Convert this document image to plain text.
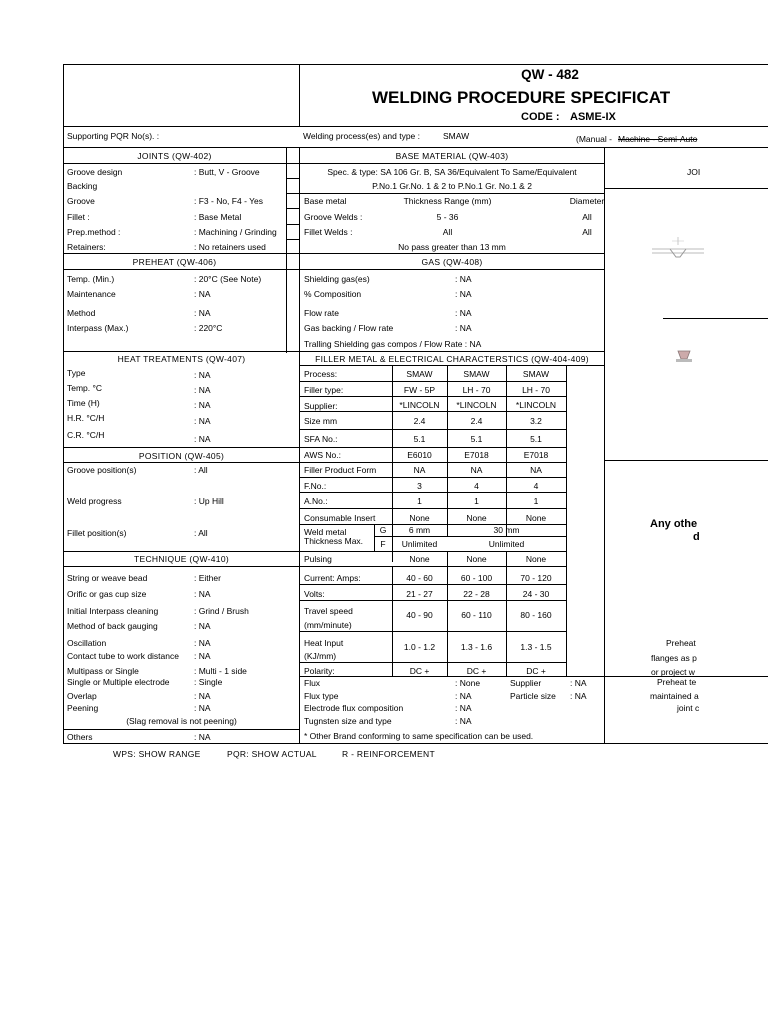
QW - 482
WELDING PROCEDURE SPECIFICAT
CODE : ASME-IX
Supporting PQR No(s). :	Welding process(es) and type :	SMAW	(Manual - Machine - Semi-Auto
JOINTS (QW-402)
Groove design	: Butt, V - Groove
Backing
Groove	: F3 - No, F4 - Yes
Fillet :	: Base Metal
Prep.method :	: Machining / Grinding
Retainers:	: No retainers used
BASE MATERIAL (QW-403)
Spec. & type: SA 106 Gr. B, SA 36/Equivalent To Same/Equivalent
P.No.1 Gr.No. 1 & 2 to P.No.1 Gr. No.1 & 2
Base metal	Thickness Range (mm)	Diameter
Groove Welds :	5 - 36	All
Fillet Welds :	All	All
No pass greater than 13 mm
PREHEAT (QW-406)
Temp. (Min.)	: 20°C (See Note)
Maintenance	: NA
Method	: NA
Interpass (Max.)	: 220°C
GAS (QW-408)
Shielding gas(es)	: NA
% Composition	: NA
Flow rate	: NA
Gas backing / Flow rate	: NA
Tralling Shielding gas compos / Flow Rate : NA
HEAT TREATMENTS (QW-407)
Type	: NA
Temp. °C	: NA
Time (H)	: NA
H.R. °C/H	: NA
C.R. °C/H	: NA
FILLER METAL & ELECTRICAL CHARACTERSTICS (QW-404-409)
Process:	SMAW	SMAW	SMAW
Filler type:	FW - 5P	LH - 70	LH - 70
Supplier:	*LINCOLN	*LINCOLN	*LINCOLN
Size mm	2.4	2.4	3.2
SFA No.:	5.1	5.1	5.1
AWS No.:	E6010	E7018	E7018
Filler Product Form	NA	NA	NA
F.No.:	3	4	4
A.No.:	1	1	1
Consumable Insert	None	None	None
Weld metal Thickness Max.
G	6 mm	30 mm
F	Unlimited	Unlimited
Pulsing	None	None	None
Current: Amps:	40 - 60	60 - 100	70 - 120
Volts:	21 - 27	22 - 28	24 - 30
Travel speed
(mm/minute)
40 - 90	60 - 110	80 - 160
Heat Input
(KJ/mm)
1.0 - 1.2	1.3 - 1.6	1.3 - 1.5
Polarity:	DC +	DC +	DC +
POSITION (QW-405)
Groove position(s)	: All
Weld progress	: Up Hill
Fillet position(s)	: All
TECHNIQUE (QW-410)
String or weave bead	: Either
Orific or gas cup size	: NA
Initial Interpass cleaning	: Grind / Brush
Method of back gauging	: NA
Oscillation	: NA
Contact tube to work distance : NA
Multipass or Single	: Multi - 1 side
Single or Multiple electrode	: Single
Overlap	: NA
Peening	: NA
(Slag removal is not peening)
Others	: NA
Flux	: None	Supplier	: NA
Flux type	: NA	Particle size : NA
Electrode flux composition	: NA
Tugnsten size and type	: NA
* Other Brand conforming to same specification can be used.
JOI
Any othe
d
Preheat
flanges as p
or project w
Preheat te
maintained a
joint c
WPS: SHOW RANGE	PQR: SHOW ACTUAL	R - REINFORCEMENT
